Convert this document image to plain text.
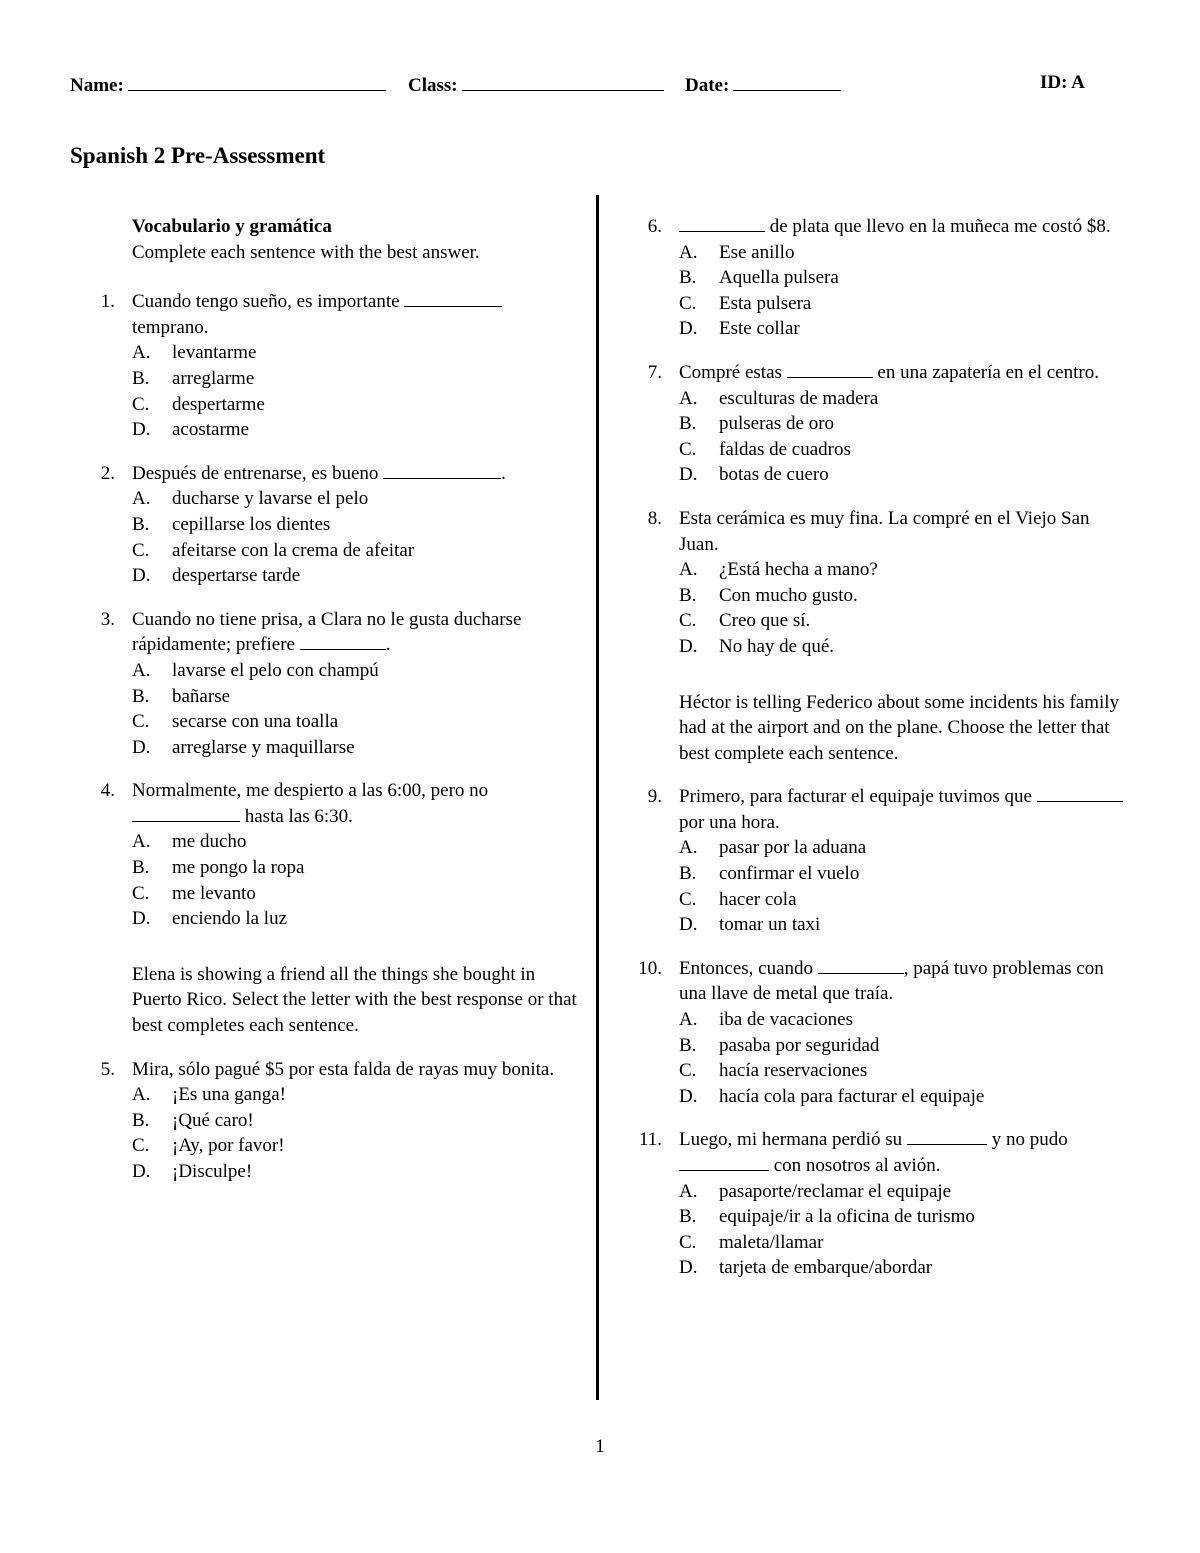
Name:	Class:	Date:	ID: A
Spanish 2 Pre-Assessment
Vocabulario y gramática
Complete each sentence with the best answer.
1. Cuando tengo sueño, es importante  temprano.
A. levantarme
B. arreglarme
C. despertarme
D. acostarme
2. Después de entrenarse, es bueno	.
A. ducharse y lavarse el pelo
B. cepillarse los dientes
C. afeitarse con la crema de afeitar
D. despertarse tarde
3. Cuando no tiene prisa, a Clara no le gusta ducharse rápidamente; prefiere	.
A. lavarse el pelo con champú
B. bañarse
C. secarse con una toalla
D. arreglarse y maquillarse
4. Normalmente, me despierto a las 6:00, pero no  hasta las 6:30.
A. me ducho
B. me pongo la ropa
C. me levanto
D. enciendo la luz
Elena is showing a friend all the things she bought in Puerto Rico. Select the letter with the best response or that best completes each sentence.
5. Mira, sólo pagué $5 por esta falda de rayas muy bonita.
A. ¡Es una ganga!
B. ¡Qué caro!
C. ¡Ay, por favor!
D. ¡Disculpe!
6.	de plata que llevo en la muñeca me costó $8.
A. Ese anillo
B. Aquella pulsera
C. Esta pulsera
D. Este collar
7. Compré estas	en una zapatería en el centro.
A. esculturas de madera
B. pulseras de oro
C. faldas de cuadros
D. botas de cuero
8. Esta cerámica es muy fina. La compré en el Viejo San Juan.
A. ¿Está hecha a mano?
B. Con mucho gusto.
C. Creo que sí.
D. No hay de qué.
Héctor is telling Federico about some incidents his family had at the airport and on the plane. Choose the letter that best complete each sentence.
9. Primero, para facturar el equipaje tuvimos que  por una hora.
A. pasar por la aduana
B. confirmar el vuelo
C. hacer cola
D. tomar un taxi
10. Entonces, cuando	, papá tuvo problemas con una llave de metal que traía.
A. iba de vacaciones
B. pasaba por seguridad
C. hacía reservaciones
D. hacía cola para facturar el equipaje
11. Luego, mi hermana perdió su	y no pudo  con nosotros al avión.
A. pasaporte/reclamar el equipaje
B. equipaje/ir a la oficina de turismo
C. maleta/llamar
D. tarjeta de embarque/abordar
1
